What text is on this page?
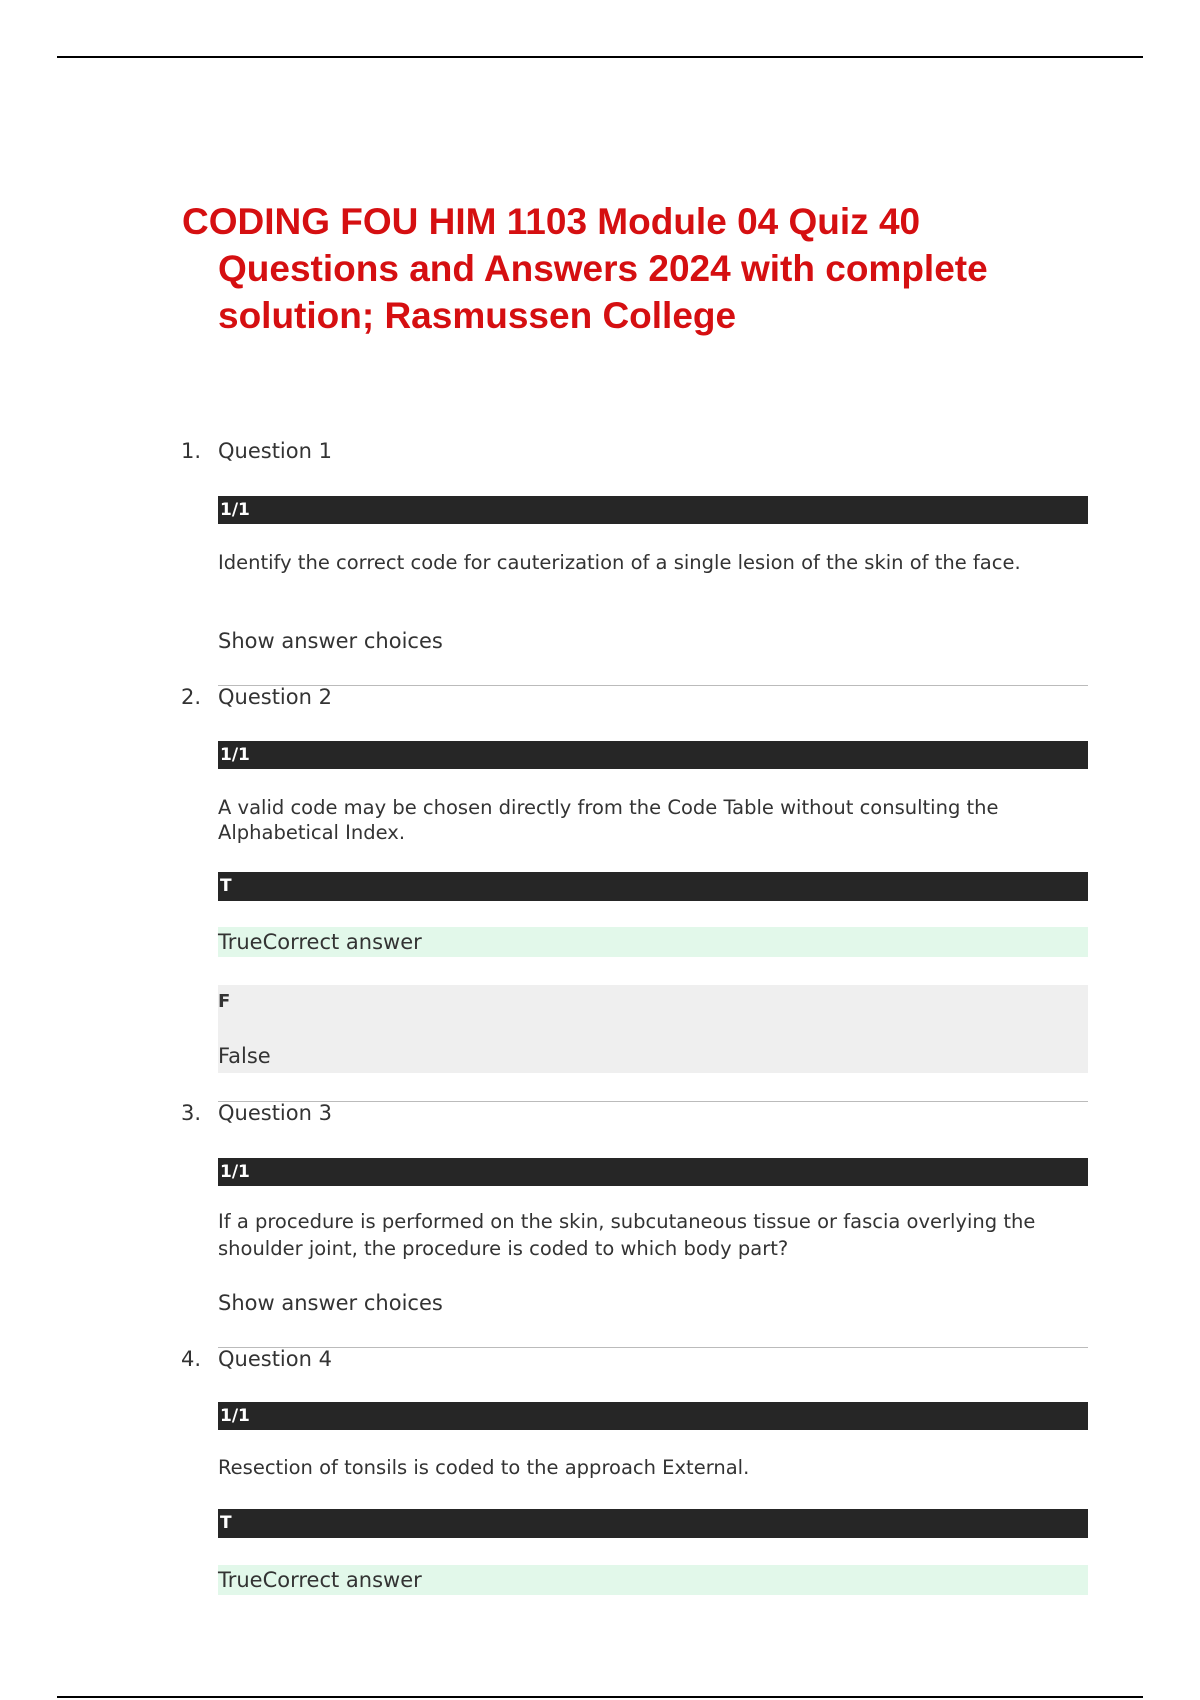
CODING FOU HIM 1103 Module 04 Quiz 40 Questions and Answers 2024 with complete solution; Rasmussen College
1. Question 1
1/1
Identify the correct code for cauterization of a single lesion of the skin of the face.
Show answer choices
2. Question 2
1/1
A valid code may be chosen directly from the Code Table without consulting the Alphabetical Index.
T
TrueCorrect answer
F
False
3. Question 3
1/1
If a procedure is performed on the skin, subcutaneous tissue or fascia overlying the shoulder joint, the procedure is coded to which body part?
Show answer choices
4. Question 4
1/1
Resection of tonsils is coded to the approach External.
T
TrueCorrect answer
